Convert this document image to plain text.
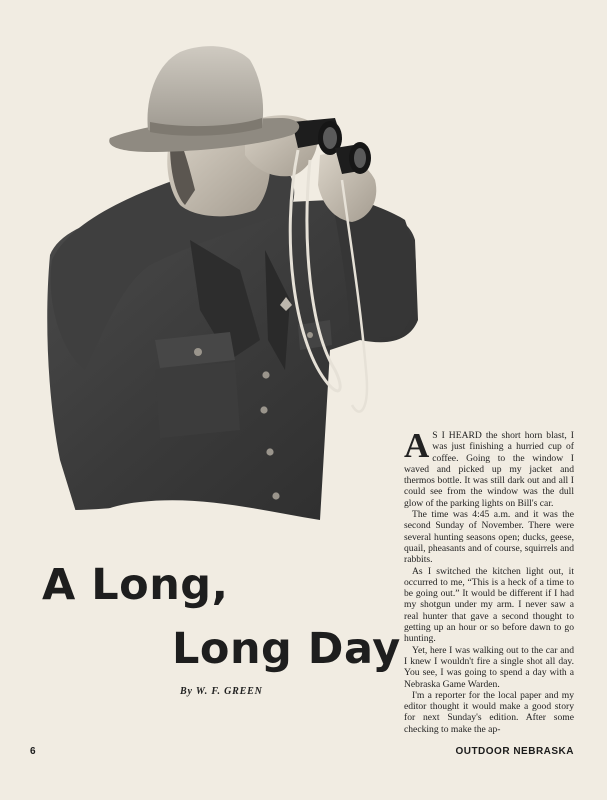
A Long,
Long Day
By W. F. GREEN

A S I HEARD the short horn blast, I was just finishing a hurried cup of coffee. Going to the window I waved and picked up my jacket and thermos bottle. It was still dark out and all I could see from the window was the dull glow of the parking lights on Bill's car.

The time was 4:45 a.m. and it was the second Sunday of November. There were several hunting seasons open; ducks, geese, quail, pheasants and of course, squirrels and rabbits.

As I switched the kitchen light out, it occurred to me, “This is a heck of a time to be going out.” It would be different if I had my shotgun under my arm. I never saw a real hunter that gave a second thought to getting up an hour or so before dawn to go hunting.

Yet, here I was walking out to the car and I knew I wouldn't fire a single shot all day. You see, I was going to spend a day with a Nebraska Game Warden.

I'm a reporter for the local paper and my editor thought it would make a good story for next Sunday's edition. After some checking to make the ap-

6	OUTDOOR NEBRASKA
